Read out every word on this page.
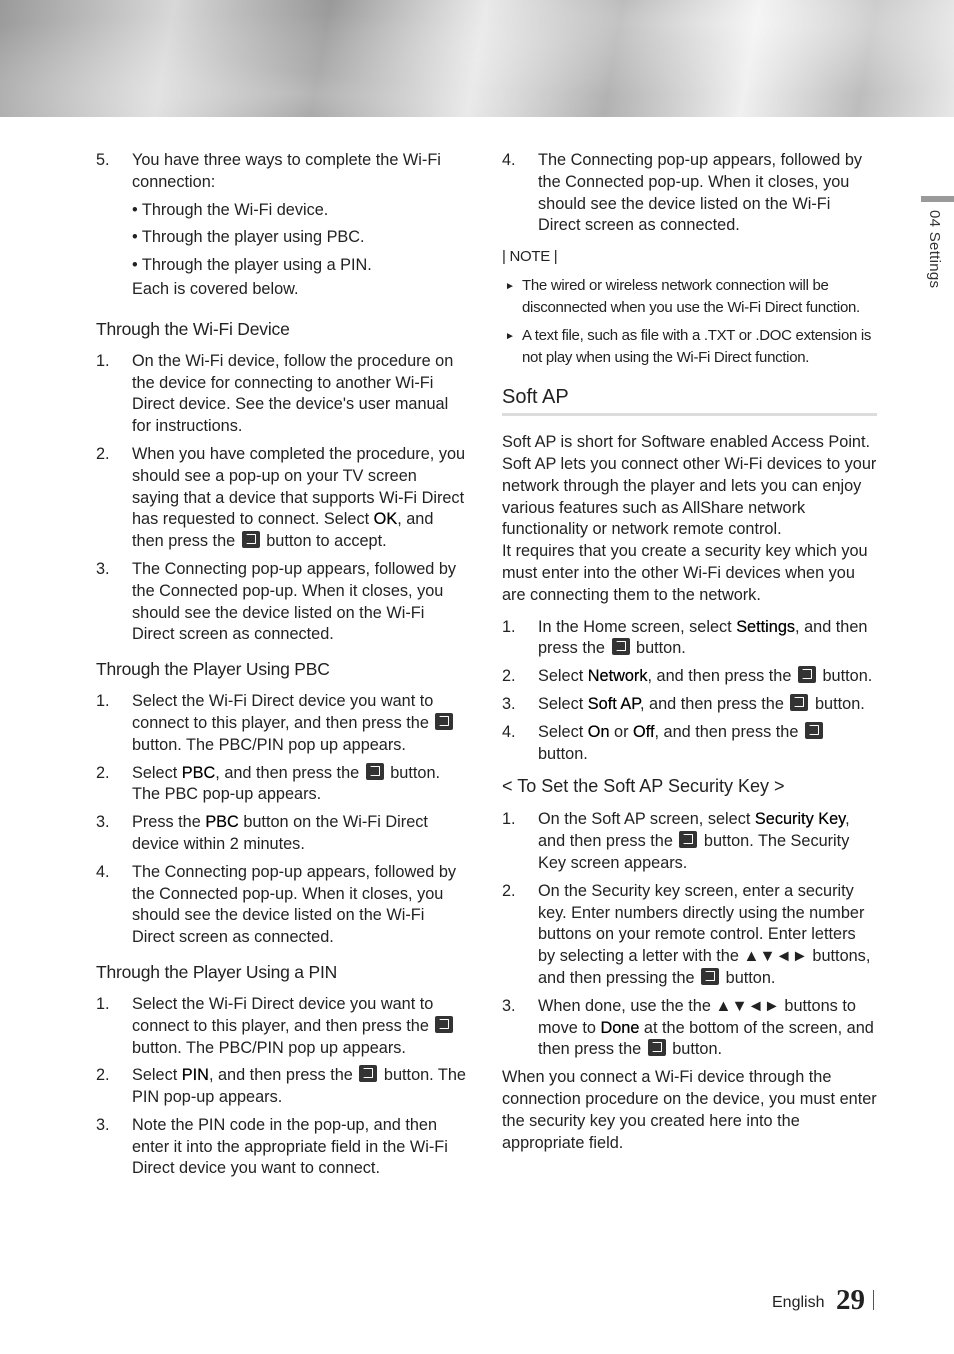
04 Settings
5. You have three ways to complete the Wi-Fi connection:
• Through the Wi-Fi device.
• Through the player using PBC.
• Through the player using a PIN.

Each is covered below.

Through the Wi-Fi Device
1. On the Wi-Fi device, follow the procedure on the device for connecting to another Wi-Fi Direct device. See the device's user manual for instructions.
2. When you have completed the procedure, you should see a pop-up on your TV screen saying that a device that supports Wi-Fi Direct has requested to connect. Select OK, and then press the  button to accept.
3. The Connecting pop-up appears, followed by the Connected pop-up. When it closes, you should see the device listed on the Wi-Fi Direct screen as connected.
Through the Player Using PBC
1. Select the Wi-Fi Direct device you want to connect to this player, and then press the  button. The PBC/PIN pop up appears.
2. Select PBC, and then press the  button. The PBC pop-up appears.
3. Press the PBC button on the Wi-Fi Direct device within 2 minutes.
4. The Connecting pop-up appears, followed by the Connected pop-up. When it closes, you should see the device listed on the Wi-Fi Direct screen as connected.
Through the Player Using a PIN
1. Select the Wi-Fi Direct device you want to connect to this player, and then press the  button. The PBC/PIN pop up appears.
2. Select PIN, and then press the  button. The PIN pop-up appears.
3. Note the PIN code in the pop-up, and then enter it into the appropriate field in the Wi-Fi Direct device you want to connect.
4. The Connecting pop-up appears, followed by the Connected pop-up. When it closes, you should see the device listed on the Wi-Fi Direct screen as connected.
| NOTE |
► The wired or wireless network connection will be disconnected when you use the Wi-Fi Direct function.
► A text file, such as file with a .TXT or .DOC extension is not play when using the Wi-Fi Direct function.
Soft AP

Soft AP is short for Software enabled Access Point.

Soft AP lets you connect other Wi-Fi devices to your network through the player and lets you can enjoy various features such as AllShare network functionality or network remote control.

It requires that you create a security key which you must enter into the other Wi-Fi devices when you are connecting them to the network.

1. In the Home screen, select Settings, and then press the  button.
2. Select Network, and then press the  button.
3. Select Soft AP, and then press the  button.
4. Select On or Off, and then press the  button.
< To Set the Soft AP Security Key >
1. On the Soft AP screen, select Security Key, and then press the  button. The Security Key screen appears.
2. On the Security key screen, enter a security key. Enter numbers directly using the number buttons on your remote control. Enter letters by selecting a letter with the ▲▼◄► buttons, and then pressing the  button.
3. When done, use the the ▲▼◄► buttons to move to Done at the bottom of the screen, and then press the  button.

When you connect a Wi-Fi device through the connection procedure on the device, you must enter the security key you created here into the appropriate field.

English 29
